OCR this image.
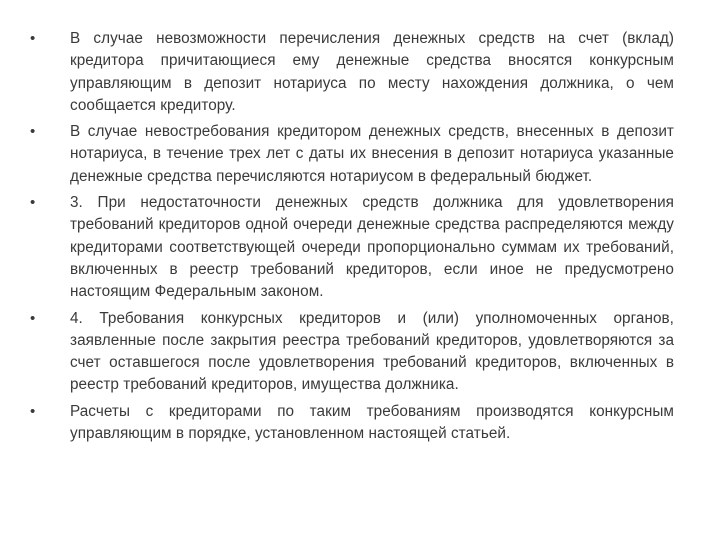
• В случае невозможности перечисления денежных средств на счет (вклад) кредитора причитающиеся ему денежные средства вносятся конкурсным управляющим в депозит нотариуса по месту нахождения должника, о чем сообщается кредитору.
• В случае невостребования кредитором денежных средств, внесенных в депозит нотариуса, в течение трех лет с даты их внесения в депозит нотариуса указанные денежные средства перечисляются нотариусом в федеральный бюджет.
• 3. При недостаточности денежных средств должника для удовлетворения требований кредиторов одной очереди денежные средства распределяются между кредиторами соответствующей очереди пропорционально суммам их требований, включенных в реестр требований кредиторов, если иное не предусмотрено настоящим Федеральным законом.
• 4. Требования конкурсных кредиторов и (или) уполномоченных органов, заявленные после закрытия реестра требований кредиторов, удовлетворяются за счет оставшегося после удовлетворения требований кредиторов, включенных в реестр требований кредиторов, имущества должника.
• Расчеты с кредиторами по таким требованиям производятся конкурсным управляющим в порядке, установленном настоящей статьей.
